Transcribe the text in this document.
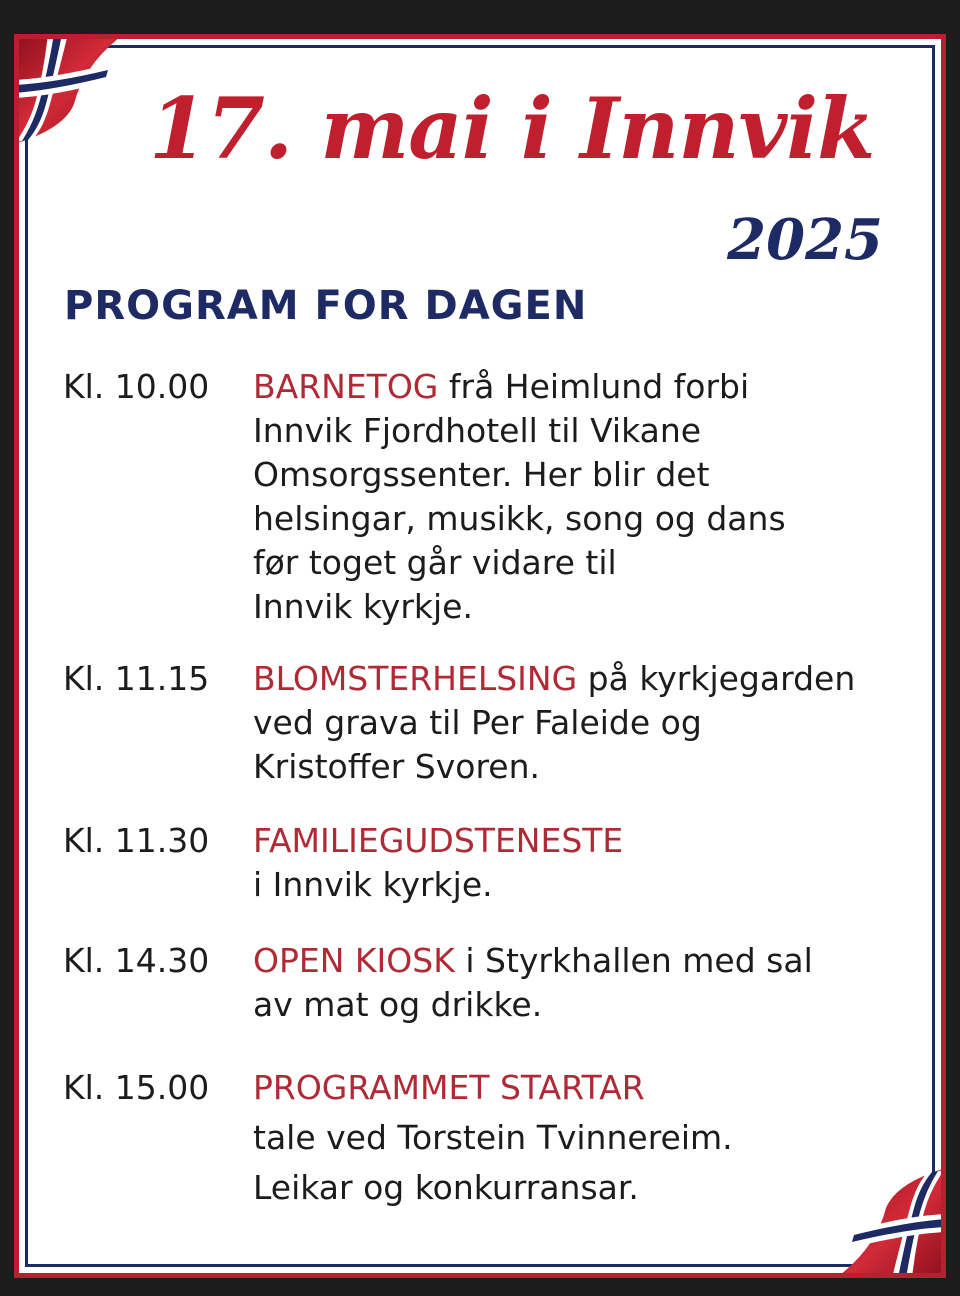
17. mai i Innvik
2025
PROGRAM FOR DAGEN
Kl. 10.00 BARNETOG frå Heimlund forbi
Innvik Fjordhotell til Vikane
Omsorgssenter. Her blir det
helsingar, musikk, song og dans
før toget går vidare til
Innvik kyrkje.
Kl. 11.15 BLOMSTERHELSING på kyrkjegarden
ved grava til Per Faleide og
Kristoffer Svoren.
Kl. 11.30 FAMILIEGUDSTENESTE
i Innvik kyrkje.
Kl. 14.30 OPEN KIOSK i Styrkhallen med sal
av mat og drikke.
Kl. 15.00 PROGRAMMET STARTAR
tale ved Torstein Tvinnereim.
Leikar og konkurransar.
